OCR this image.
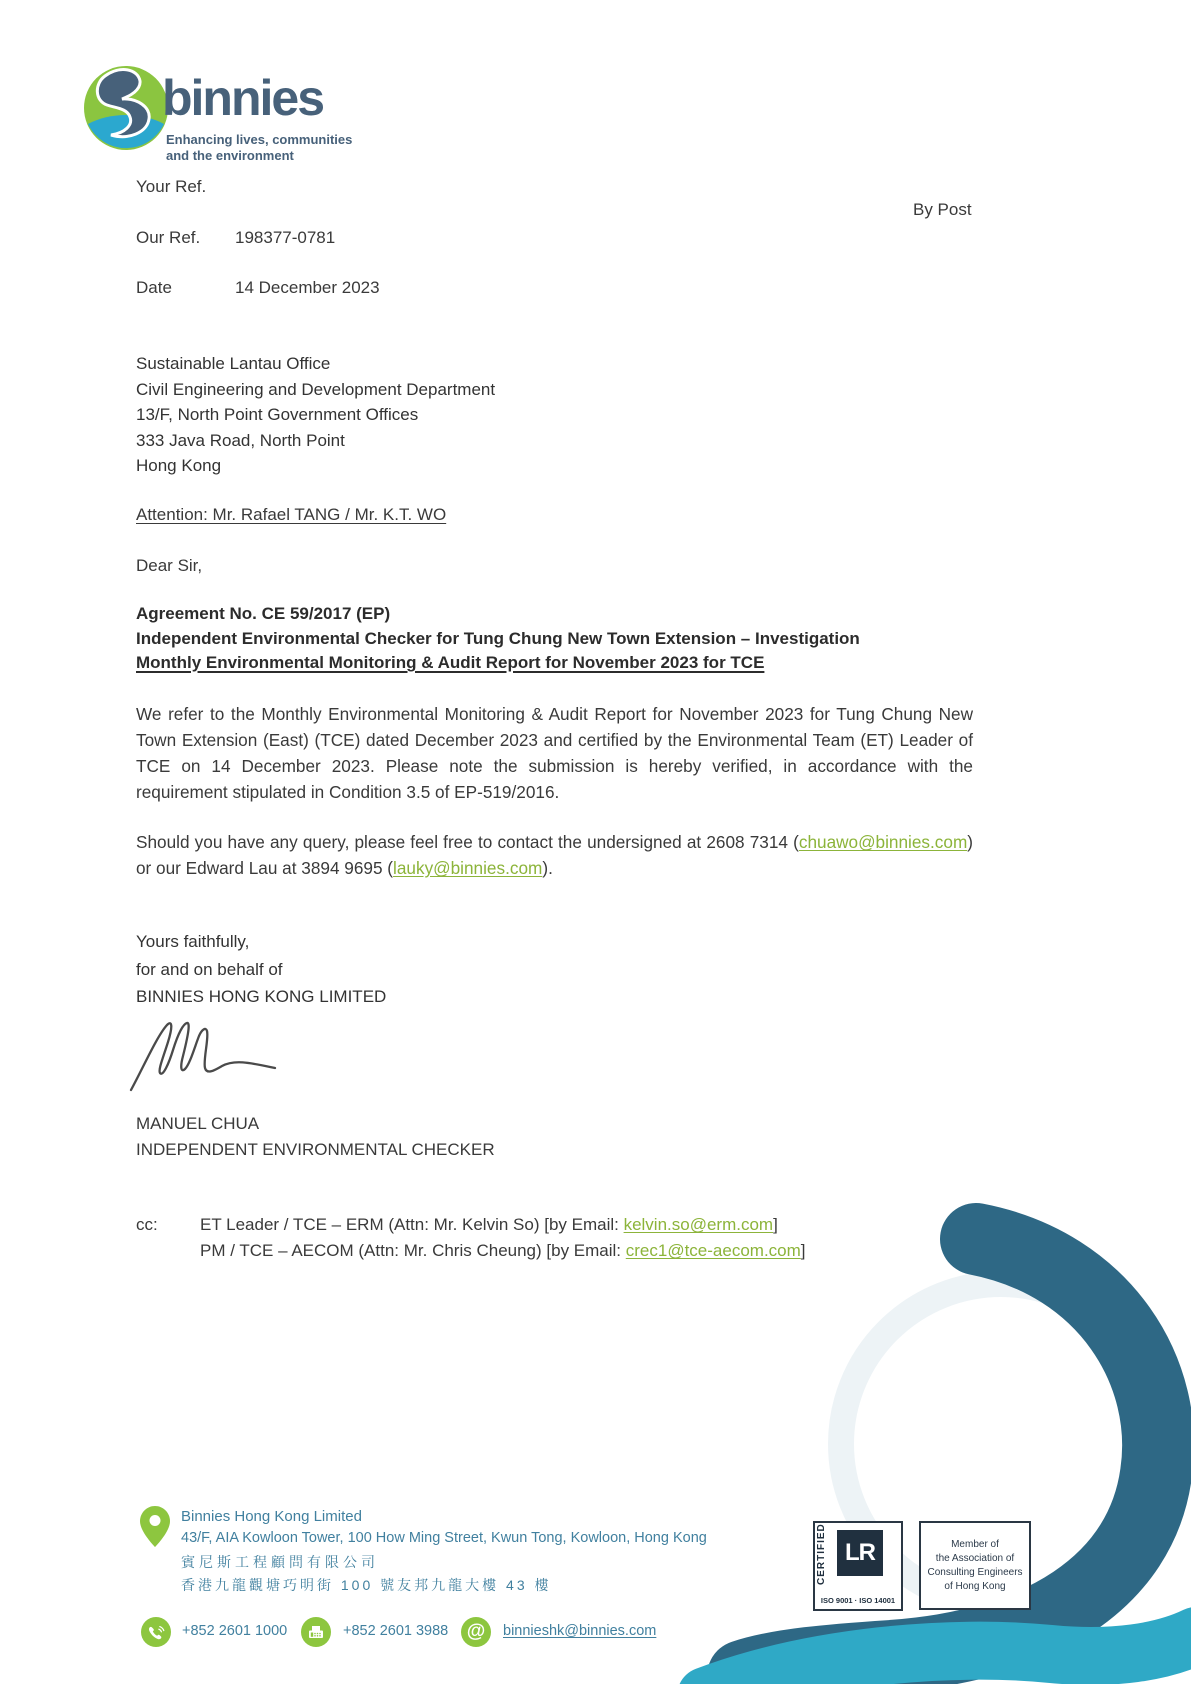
binnies
Enhancing lives, communities
and the environment
Your Ref.
By Post
Our Ref. 198377-0781
Date	14 December 2023
Sustainable Lantau Office
Civil Engineering and Development Department
13/F, North Point Government Offices
333 Java Road, North Point
Hong Kong
Attention: Mr. Rafael TANG / Mr. K.T. WO
Dear Sir,
Agreement No. CE 59/2017 (EP)
Independent Environmental Checker for Tung Chung New Town Extension – Investigation
Monthly Environmental Monitoring & Audit Report for November 2023 for TCE
We refer to the Monthly Environmental Monitoring & Audit Report for November 2023 for Tung Chung New Town Extension (East) (TCE) dated December 2023 and certified by the Environmental Team (ET) Leader of TCE on 14 December 2023. Please note the submission is hereby verified, in accordance with the requirement stipulated in Condition 3.5 of EP-519/2016.
Should you have any query, please feel free to contact the undersigned at 2608 7314 (chuawo@binnies.com) or our Edward Lau at 3894 9695 (lauky@binnies.com).
Yours faithfully,
for and on behalf of
BINNIES HONG KONG LIMITED
MANUEL CHUA
INDEPENDENT ENVIRONMENTAL CHECKER
cc: ET Leader / TCE – ERM (Attn: Mr. Kelvin So) [by Email: kelvin.so@erm.com]
PM / TCE – AECOM (Attn: Mr. Chris Cheung) [by Email: crec1@tce-aecom.com]
Binnies Hong Kong Limited
43/F, AIA Kowloon Tower, 100 How Ming Street, Kwun Tong, Kowloon, Hong Kong
賓尼斯工程顧問有限公司
香港九龍觀塘巧明街 100 號友邦九龍大樓 43 樓
+852 2601 1000	+852 2601 3988 @	binnieshk@binnies.com
CERTIFIED LR
ISO 9001 · ISO 14001
Member of
the Association of
Consulting Engineers
of Hong Kong
